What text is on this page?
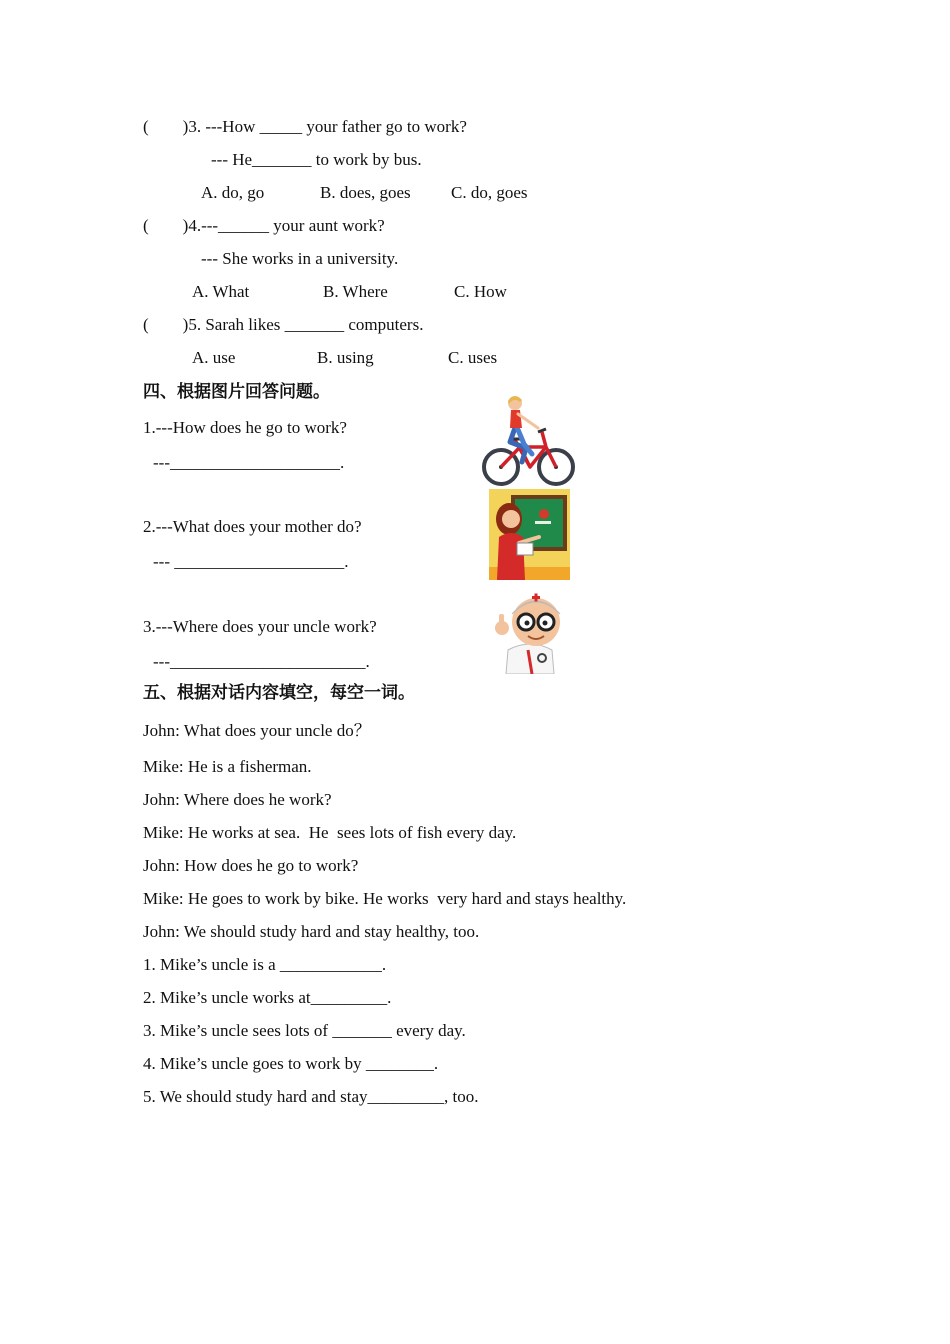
(        )3. ---How _____ your father go to work?
--- He_______ to work by bus.
A. do, go	B. does, goes C. do, goes
(        )4.---______ your aunt work?
--- She works in a university.
A. What	B. Where	C. How
(        )5. Sarah likes _______ computers.
A. use	B. using	C. uses
四、根据图片回答问题。
1.---How does he go to work?
---____________________.
2.---What does your mother do?
--- ____________________.
3.---Where does your uncle work?
---_______________________.
五、根据对话内容填空，每空一词。
John: What does your uncle do？
Mike: He is a fisherman.
John: Where does he work?
Mike: He works at sea.  He  sees lots of fish every day.
John: How does he go to work?
Mike: He goes to work by bike. He works  very hard and stays healthy.
John: We should study hard and stay healthy, too.
1. Mike’s uncle is a ____________.
2. Mike’s uncle works at_________.
3. Mike’s uncle sees lots of _______ every day.
4. Mike’s uncle goes to work by ________.
5. We should study hard and stay_________, too.
